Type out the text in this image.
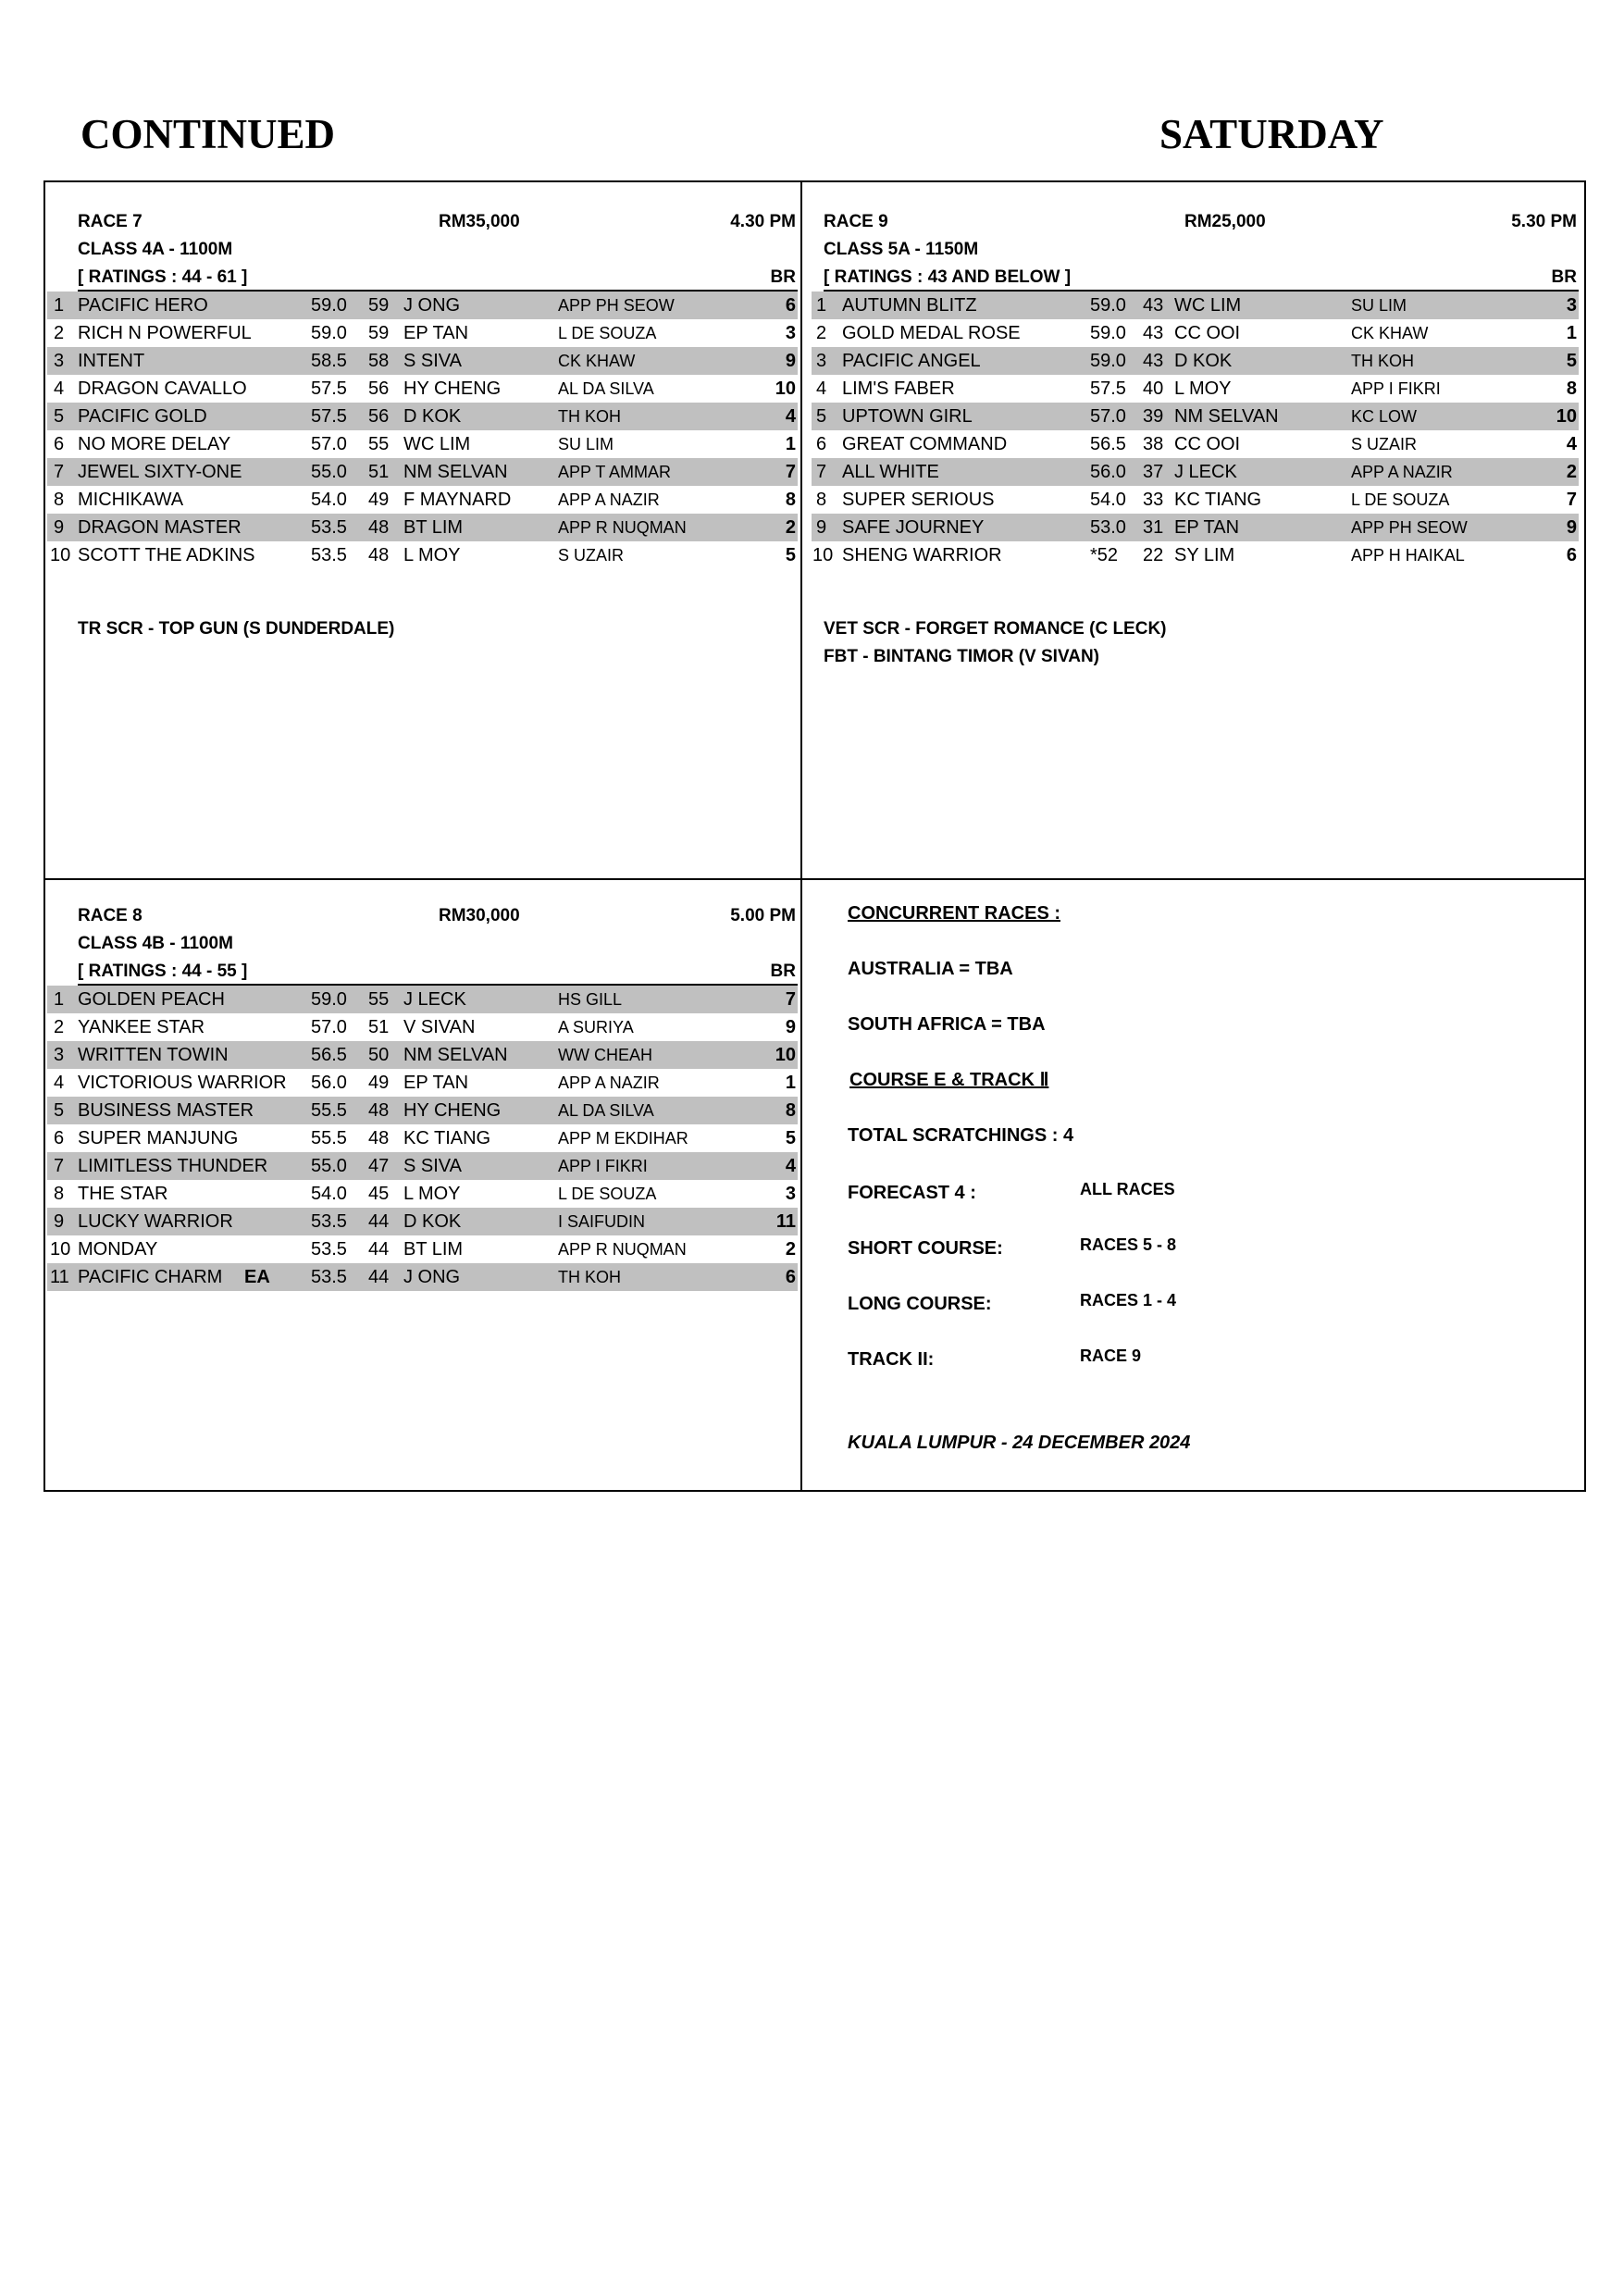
CONTINUED	SATURDAY
RACE 7	RM35,000	4.30 PM
CLASS 4A - 1100M
[ RATINGS : 44 - 61 ]	BR
1 PACIFIC HERO	59.0 59 J ONG	APP PH SEOW	6
2 RICH N POWERFUL	59.0 59 EP TAN	L DE SOUZA	3
3 INTENT	58.5 58 S SIVA	CK KHAW	9
4 DRAGON CAVALLO	57.5 56 HY CHENG	AL DA SILVA	10
5 PACIFIC GOLD	57.5 56 D KOK	TH KOH	4
6 NO MORE DELAY	57.0 55 WC LIM	SU LIM	1
7 JEWEL SIXTY-ONE	55.0 51 NM SELVAN	APP T AMMAR	7
8 MICHIKAWA	54.0 49 F MAYNARD	APP A NAZIR	8
9 DRAGON MASTER	53.5 48 BT LIM	APP R NUQMAN	2
10 SCOTT THE ADKINS	53.5 48 L MOY	S UZAIR	5
TR SCR - TOP GUN (S DUNDERDALE)
RACE 9	RM25,000	5.30 PM
CLASS 5A - 1150M
[ RATINGS : 43 AND BELOW ]	BR
1 AUTUMN BLITZ	59.0 43 WC LIM	SU LIM	3
2 GOLD MEDAL ROSE	59.0 43 CC OOI	CK KHAW	1
3 PACIFIC ANGEL	59.0 43 D KOK	TH KOH	5
4 LIM'S FABER	57.5 40 L MOY	APP I FIKRI	8
5 UPTOWN GIRL	57.0 39 NM SELVAN	KC LOW	10
6 GREAT COMMAND	56.5 38 CC OOI	S UZAIR	4
7 ALL WHITE	56.0 37 J LECK	APP A NAZIR	2
8 SUPER SERIOUS	54.0 33 KC TIANG	L DE SOUZA	7
9 SAFE JOURNEY	53.0 31 EP TAN	APP PH SEOW	9
10 SHENG WARRIOR	*52 22 SY LIM	APP H HAIKAL	6
VET SCR - FORGET ROMANCE (C LECK)
FBT - BINTANG TIMOR (V SIVAN)
RACE 8	RM30,000	5.00 PM
CLASS 4B - 1100M
[ RATINGS : 44 - 55 ]	BR
1 GOLDEN PEACH	59.0 55 J LECK	HS GILL	7
2 YANKEE STAR	57.0 51 V SIVAN	A SURIYA	9
3 WRITTEN TOWIN	56.5 50 NM SELVAN	WW CHEAH	10
4 VICTORIOUS WARRIOR 56.0 49 EP TAN	APP A NAZIR	1
5 BUSINESS MASTER	55.5 48 HY CHENG	AL DA SILVA	8
6 SUPER MANJUNG	55.5 48 KC TIANG	APP M EKDIHAR	5
7 LIMITLESS THUNDER 55.0 47 S SIVA	APP I FIKRI	4
8 THE STAR	54.0 45 L MOY	L DE SOUZA	3
9 LUCKY WARRIOR	53.5 44 D KOK	I SAIFUDIN	11
10 MONDAY	53.5 44 BT LIM	APP R NUQMAN	2
11 PACIFIC CHARM EA 53.5 44 J ONG	TH KOH	6
CONCURRENT RACES :
AUSTRALIA = TBA
SOUTH AFRICA = TBA
COURSE E & TRACK Ⅱ
TOTAL SCRATCHINGS : 4
FORECAST 4 :	ALL RACES
SHORT COURSE:	RACES 5 - 8
LONG COURSE:	RACES 1 - 4
TRACK II:	RACE 9
KUALA LUMPUR - 24 DECEMBER 2024
